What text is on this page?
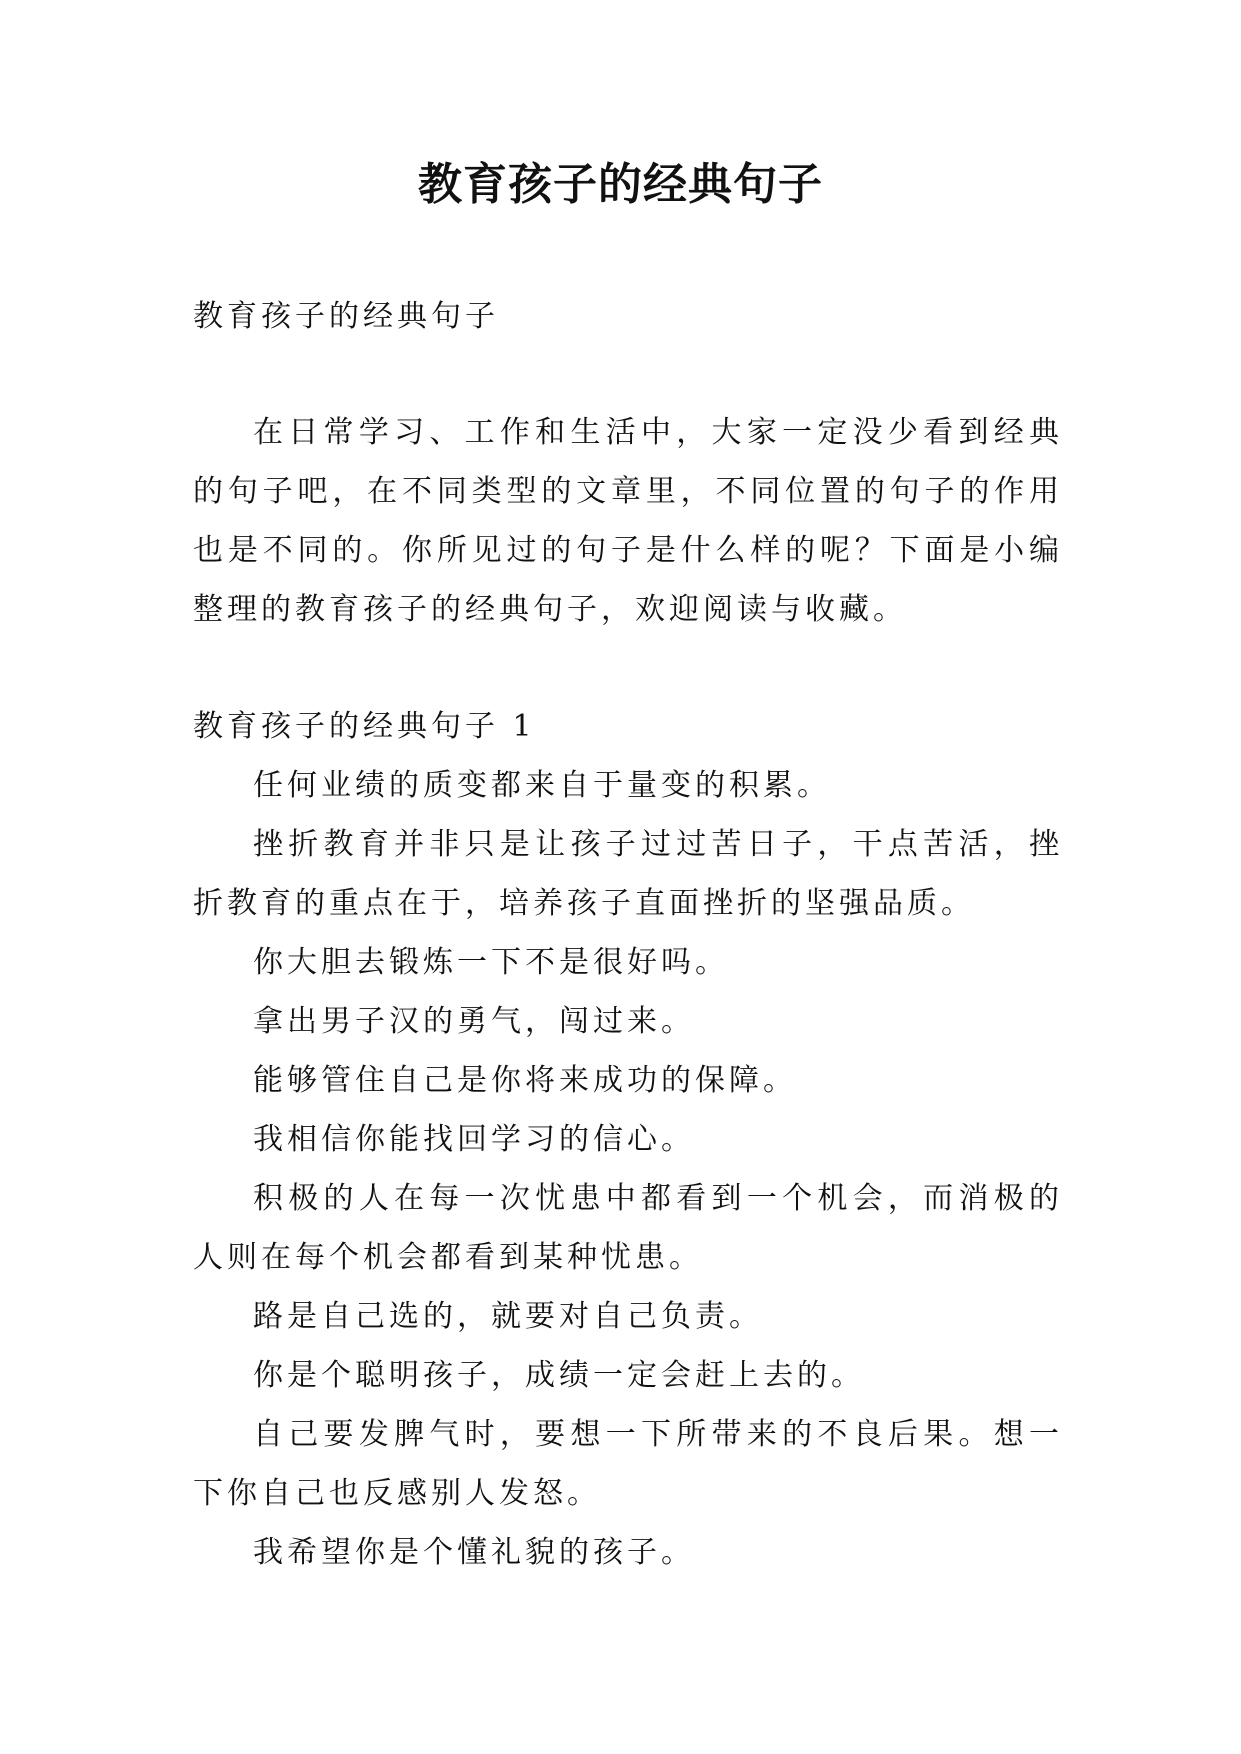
教育孩子的经典句子

教育孩子的经典句子

在日常学习、工作和生活中，大家一定没少看到经典的句子吧，在不同类型的文章里，不同位置的句子的作用也是不同的。你所见过的句子是什么样的呢？下面是小编整理的教育孩子的经典句子，欢迎阅读与收藏。

教育孩子的经典句子 1

任何业绩的质变都来自于量变的积累。

挫折教育并非只是让孩子过过苦日子，干点苦活，挫折教育的重点在于，培养孩子直面挫折的坚强品质。

你大胆去锻炼一下不是很好吗。

拿出男子汉的勇气，闯过来。

能够管住自己是你将来成功的保障。

我相信你能找回学习的信心。

积极的人在每一次忧患中都看到一个机会，而消极的人则在每个机会都看到某种忧患。

路是自己选的，就要对自己负责。

你是个聪明孩子，成绩一定会赶上去的。

自己要发脾气时，要想一下所带来的不良后果。想一下你自己也反感别人发怒。

我希望你是个懂礼貌的孩子。
